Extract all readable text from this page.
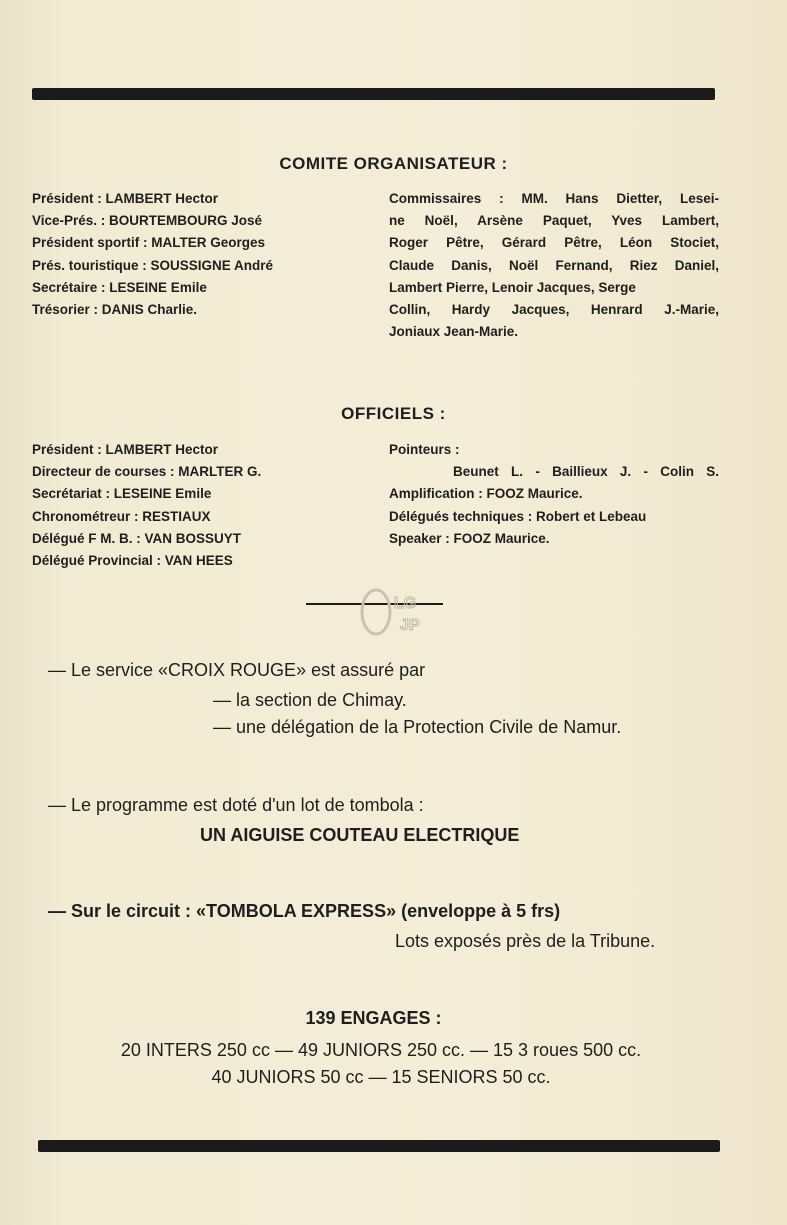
COMITE ORGANISATEUR :
Président : LAMBERT Hector
Vice-Prés. : BOURTEMBOURG José
Président sportif : MALTER Georges
Prés. touristique : SOUSSIGNE André
Secrétaire : LESEINE Emile
Trésorier : DANIS Charlie.
Commissaires : MM. Hans Dietter, Lesei-
ne Noël, Arsène Paquet, Yves Lambert,
Roger Pêtre, Gérard Pêtre, Léon Stociet,
Claude Danis, Noël Fernand, Riez Daniel,
Lambert Pierre, Lenoir Jacques, Serge
Collin, Hardy Jacques, Henrard J.-Marie,
Joniaux Jean-Marie.
OFFICIELS :
Président : LAMBERT Hector
Directeur de courses : MARLTER G.
Secrétariat : LESEINE Emile
Chronométreur : RESTIAUX
Délégué F M. B. : VAN BOSSUYT
Délégué Provincial : VAN HEES
Pointeurs :
Beunet L. - Baillieux J. - Colin S.
Amplification : FOOZ Maurice.
Délégués techniques : Robert et Lebeau
Speaker : FOOZ Maurice.
LG
JP
— Le service «CROIX ROUGE» est assuré par
— la section de Chimay.
— une délégation de la Protection Civile de Namur.
— Le programme est doté d'un lot de tombola :
UN AIGUISE COUTEAU ELECTRIQUE
— Sur le circuit : «TOMBOLA EXPRESS» (enveloppe à 5 frs)
Lots exposés près de la Tribune.
139 ENGAGES :
20 INTERS 250 cc — 49 JUNIORS 250 cc. — 15 3 roues 500 cc.
40 JUNIORS 50 cc — 15 SENIORS 50 cc.
